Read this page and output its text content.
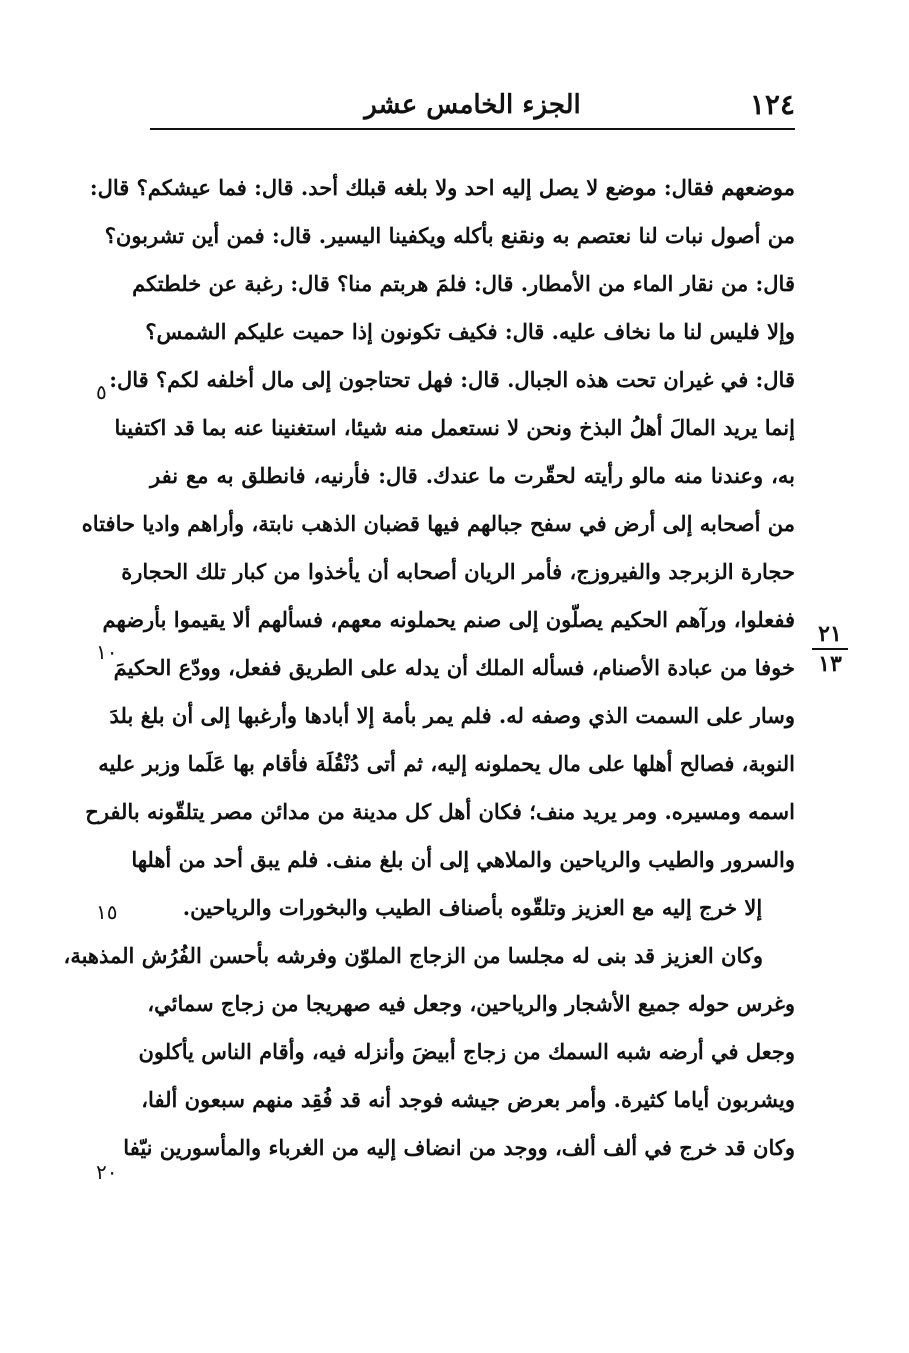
١٢٤
الجزء الخامس عشر
٢١
١٣
٥
١٠
١٥
٢٠
موضعهم فقال: موضع لا يصل إليه احد ولا بلغه قبلك أحد. قال: فما عيشكم؟ قال:
من أصول نبات لنا نعتصم به ونقنع بأكله ويكفينا اليسير. قال: فمن أين تشربون؟
قال: من نقار الماء من الأمطار. قال: فلمَ هربتم منا؟ قال: رغبة عن خلطتكم
وإلا فليس لنا ما نخاف عليه. قال: فكيف تكونون إذا حميت عليكم الشمس؟
قال: في غيران تحت هذه الجبال. قال: فهل تحتاجون إلى مال أخلفه لكم؟ قال:
إنما يريد المالَ أهلُ البذخ ونحن لا نستعمل منه شيئا، استغنينا عنه بما قد اكتفينا
به، وعندنا منه مالو رأيته لحقّرت ما عندك. قال: فأرنيه، فانطلق به مع نفر
من أصحابه إلى أرض في سفح جبالهم فيها قضبان الذهب نابتة، وأراهم واديا حافتاه
حجارة الزبرجد والفيروزج، فأمر الريان أصحابه أن يأخذوا من كبار تلك الحجارة
ففعلوا، ورآهم الحكيم يصلّون إلى صنم يحملونه معهم، فسألهم ألا يقيموا بأرضهم
خوفا من عبادة الأصنام، فسأله الملك أن يدله على الطريق ففعل، وودّع الحكيمَ
وسار على السمت الذي وصفه له. فلم يمر بأمة إلا أبادها وأرغبها إلى أن بلغ بلدَ
النوبة، فصالح أهلها على مال يحملونه إليه، ثم أتى دُنْقُلَة فأقام بها عَلَما وزبر عليه
اسمه ومسيره. ومر يريد منف؛ فكان أهل كل مدينة من مدائن مصر يتلقّونه بالفرح
والسرور والطيب والرياحين والملاهي إلى أن بلغ منف. فلم يبق أحد من أهلها
إلا خرج إليه مع العزيز وتلقّوه بأصناف الطيب والبخورات والرياحين.
وكان العزيز قد بنى له مجلسا من الزجاج الملوّن وفرشه بأحسن الفُرُش المذهبة،
وغرس حوله جميع الأشجار والرياحين، وجعل فيه صهريجا من زجاج سمائي،
وجعل في أرضه شبه السمك من زجاج أبيضَ وأنزله فيه، وأقام الناس يأكلون
ويشربون أياما كثيرة. وأمر بعرض جيشه فوجد أنه قد فُقِد منهم سبعون ألفا،
وكان قد خرج في ألف ألف، ووجد من انضاف إليه من الغرباء والمأسورين نيّفا
